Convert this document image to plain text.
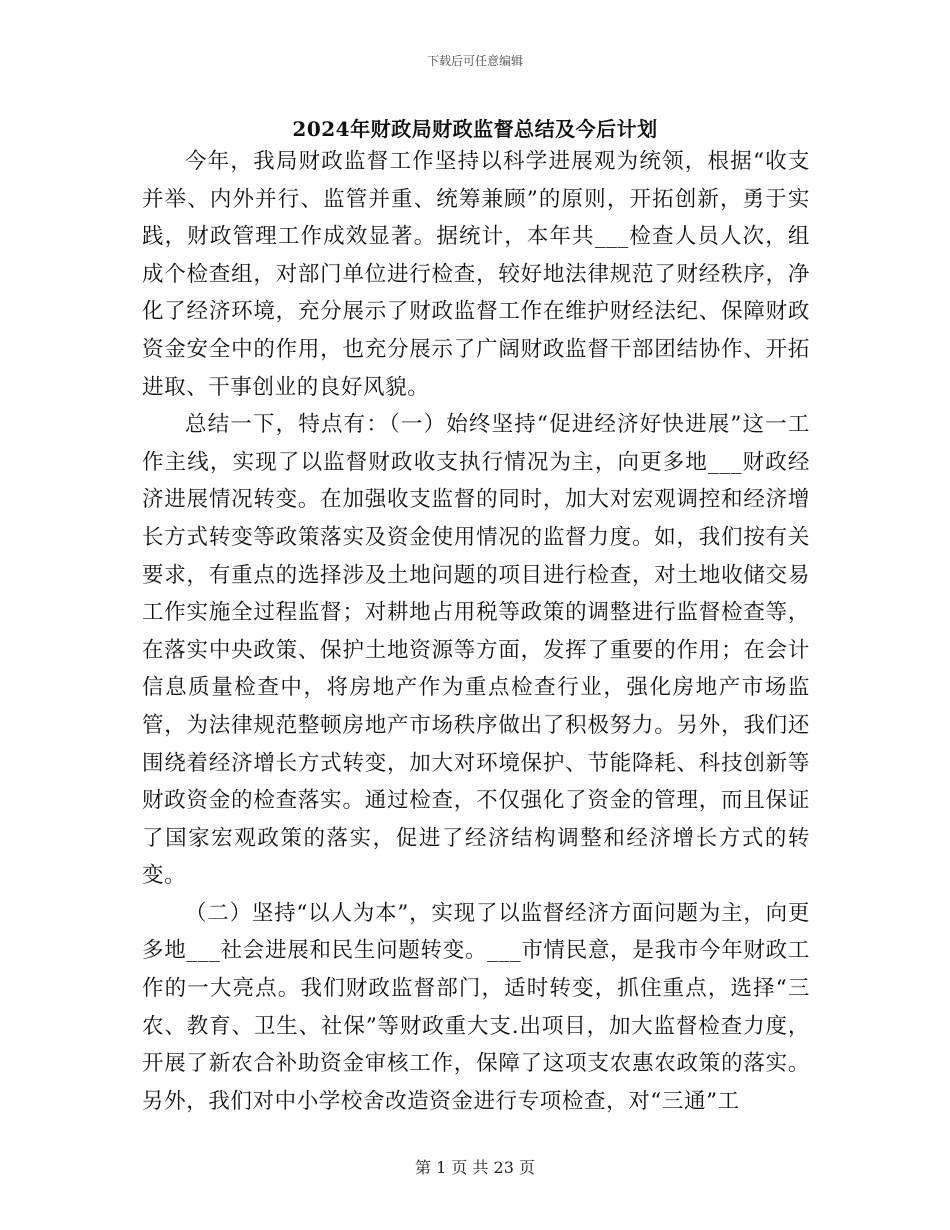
下载后可任意编辑
2024年财政局财政监督总结及今后计划

今年，我局财政监督工作坚持以科学进展观为统领，根据“收支并举、内外并行、监管并重、统筹兼顾”的原则，开拓创新，勇于实践，财政管理工作成效显著。据统计，本年共___检查人员人次，组成个检查组，对部门单位进行检查，较好地法律规范了财经秩序，净化了经济环境，充分展示了财政监督工作在维护财经法纪、保障财政资金安全中的作用，也充分展示了广阔财政监督干部团结协作、开拓进取、干事创业的良好风貌。

总结一下，特点有：（一）始终坚持“促进经济好快进展”这一工作主线，实现了以监督财政收支执行情况为主，向更多地___财政经济进展情况转变。在加强收支监督的同时，加大对宏观调控和经济增长方式转变等政策落实及资金使用情况的监督力度。如，我们按有关要求，有重点的选择涉及土地问题的项目进行检查，对土地收储交易工作实施全过程监督；对耕地占用税等政策的调整进行监督检查等，在落实中央政策、保护土地资源等方面，发挥了重要的作用；在会计信息质量检查中，将房地产作为重点检查行业，强化房地产市场监管，为法律规范整顿房地产市场秩序做出了积极努力。另外，我们还围绕着经济增长方式转变，加大对环境保护、节能降耗、科技创新等财政资金的检查落实。通过检查，不仅强化了资金的管理，而且保证了国家宏观政策的落实，促进了经济结构调整和经济增长方式的转变。

（二）坚持“以人为本”，实现了以监督经济方面问题为主，向更多地___社会进展和民生问题转变。___市情民意，是我市今年财政工作的一大亮点。我们财政监督部门，适时转变，抓住重点，选择“三农、教育、卫生、社保”等财政重大支.出项目，加大监督检查力度，开展了新农合补助资金审核工作，保障了这项支农惠农政策的落实。另外，我们对中小学校舍改造资金进行专项检查，对“三通”工

第 1 页 共 23 页
